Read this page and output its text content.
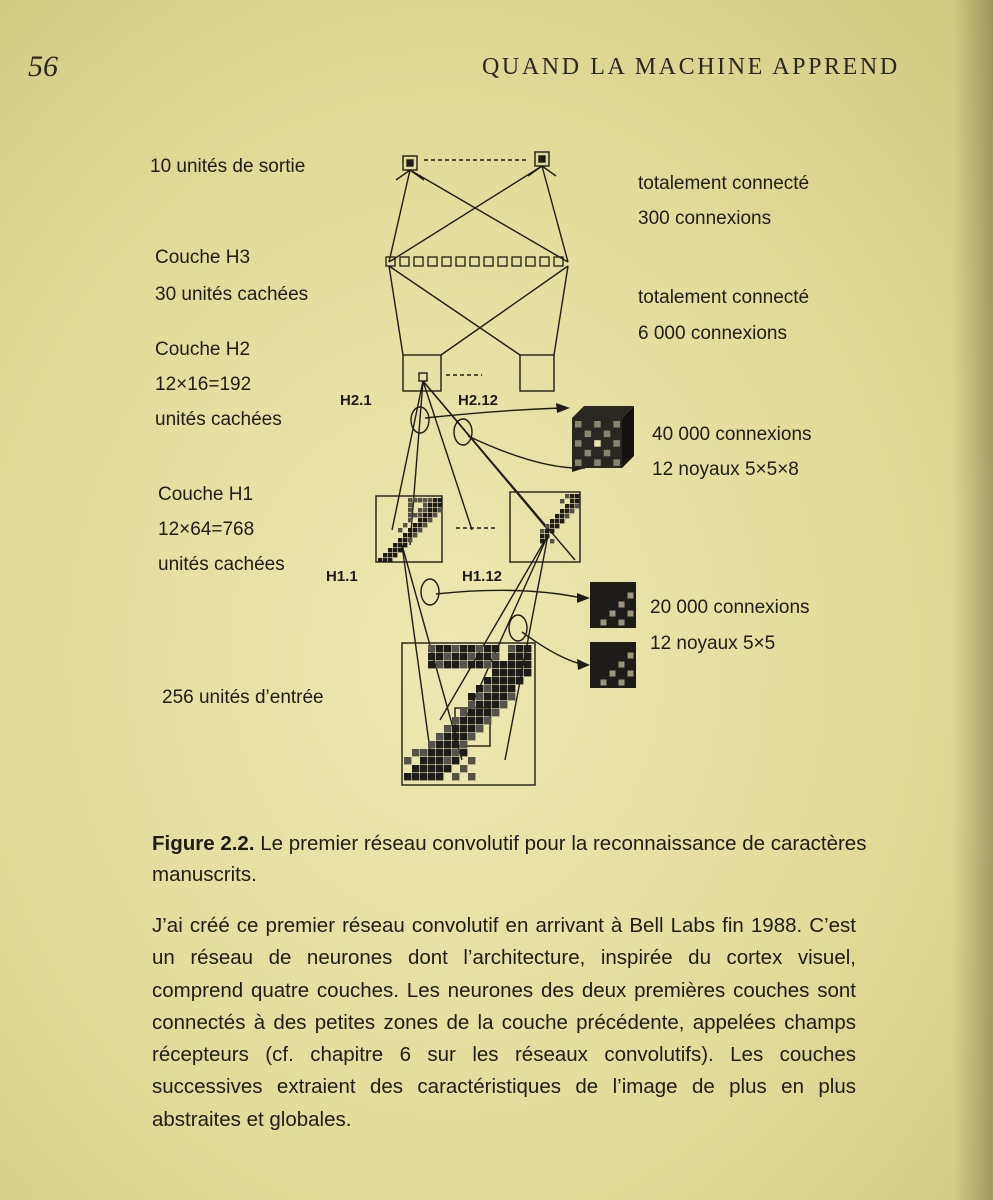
56	QUAND LA MACHINE APPREND
10 unités de sortie
Couche H3
30 unités cachées
Couche H2
12×16=192
unités cachées
Couche H1
12×64=768
unités cachées
256 unités d’entrée
totalement connecté
300 connexions
totalement connecté
6 000 connexions
40 000 connexions
12 noyaux 5×5×8
20 000 connexions
12 noyaux 5×5
H2.1	H2.12
H1.1	H1.12
Figure 2.2. Le premier réseau convolutif pour la reconnaissance de caractères manuscrits.

J’ai créé ce premier réseau convolutif en arrivant à Bell Labs fin 1988. C’est un réseau de neurones dont l’architecture, inspirée du cortex visuel, comprend quatre couches. Les neurones des deux premières couches sont connectés à des petites zones de la couche précédente, appelées champs récepteurs (cf. chapitre 6 sur les réseaux convolutifs). Les couches successives extraient des caractéristiques de l’image de plus en plus abstraites et globales.
